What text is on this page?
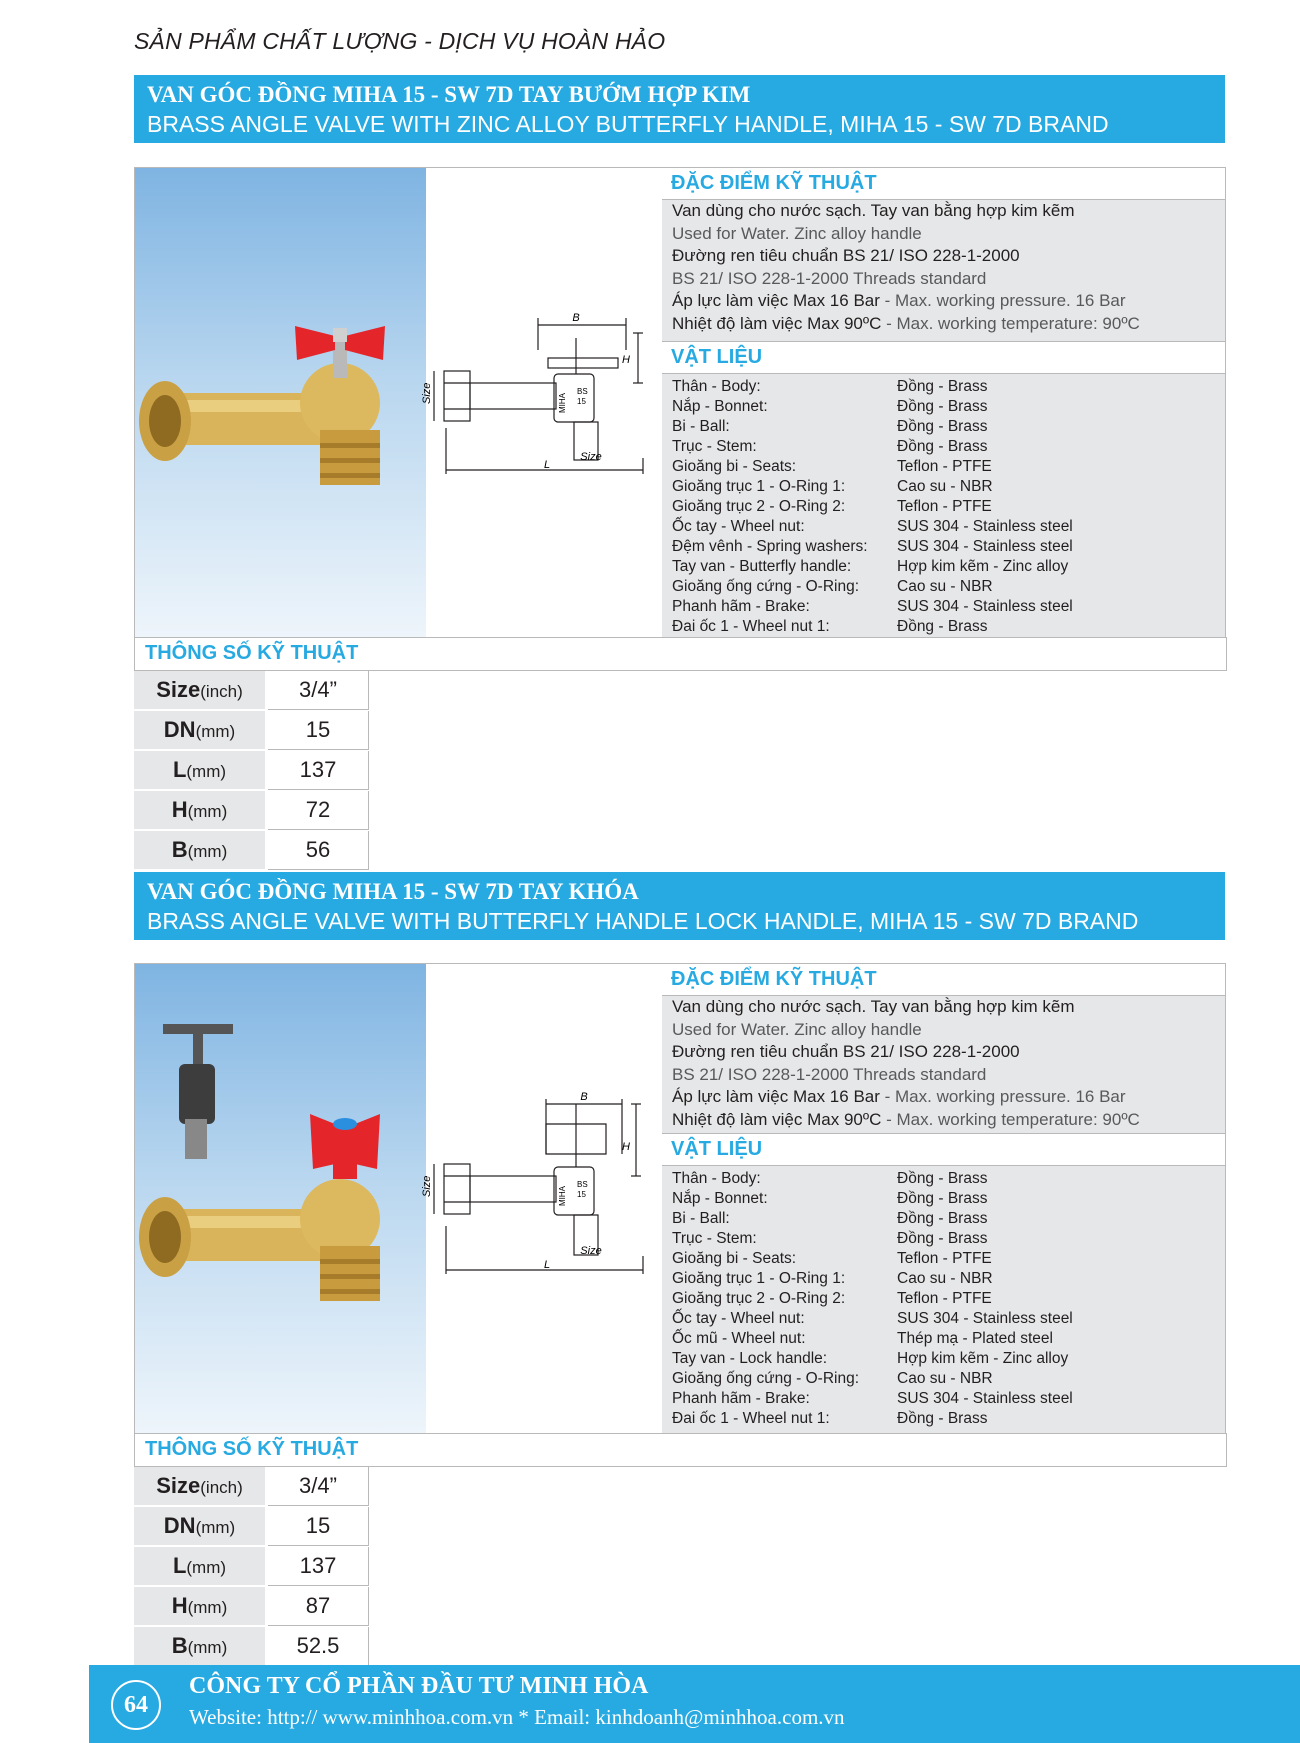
SẢN PHẨM CHẤT LƯỢNG - DỊCH VỤ HOÀN HẢO
VAN GÓC ĐỒNG MIHA 15 - SW 7D TAY BƯỚM HỢP KIM
BRASS ANGLE VALVE WITH ZINC ALLOY BUTTERFLY HANDLE, MIHA 15 - SW 7D BRAND
B
H
L
Size
Size	MIHA
BS
15
ĐẶC ĐIỂM KỸ THUẬT
Van dùng cho nước sạch. Tay van bằng hợp kim kẽm
Used for Water. Zinc alloy handle
Đường ren tiêu chuẩn BS 21/ ISO 228-1-2000
BS 21/ ISO 228-1-2000 Threads standard
Áp lực làm việc Max 16 Bar - Max. working pressure. 16 Bar
Nhiệt độ làm việc Max 90ºC - Max. working temperature: 90ºC
VẬT LIỆU
Thân - Body:	Đồng - Brass
Nắp - Bonnet:	Đồng - Brass
Bi - Ball:	Đồng - Brass
Trục - Stem:	Đồng - Brass
Gioăng bi - Seats:	Teflon - PTFE
Gioăng trục 1 - O-Ring 1:	Cao su - NBR
Gioăng trục 2 - O-Ring 2:	Teflon - PTFE
Ốc tay - Wheel nut:	SUS 304 - Stainless steel
Đệm vênh - Spring washers: SUS 304 - Stainless steel
Tay van - Butterfly handle:	Hợp kim kẽm - Zinc alloy
Gioăng ống cứng - O-Ring: Cao su - NBR
Phanh hãm - Brake:	SUS 304 - Stainless steel
Đai ốc 1 - Wheel nut 1:	Đồng - Brass
THÔNG SỐ KỸ THUẬT
Size(inch)	3/4”
DN(mm)	15
L(mm)	137
H(mm)	72
B(mm)	56
VAN GÓC ĐỒNG MIHA 15 - SW 7D TAY KHÓA
BRASS ANGLE VALVE WITH BUTTERFLY HANDLE LOCK HANDLE, MIHA 15 - SW 7D BRAND
B
H
L
Size
Size	MIHA
BS
15
ĐẶC ĐIỂM KỸ THUẬT
Van dùng cho nước sạch. Tay van bằng hợp kim kẽm
Used for Water. Zinc alloy handle
Đường ren tiêu chuẩn BS 21/ ISO 228-1-2000
BS 21/ ISO 228-1-2000 Threads standard
Áp lực làm việc Max 16 Bar - Max. working pressure. 16 Bar
Nhiệt độ làm việc Max 90ºC - Max. working temperature: 90ºC
VẬT LIỆU
Thân - Body:	Đồng - Brass
Nắp - Bonnet:	Đồng - Brass
Bi - Ball:	Đồng - Brass
Trục - Stem:	Đồng - Brass
Gioăng bi - Seats:	Teflon - PTFE
Gioăng trục 1 - O-Ring 1:	Cao su - NBR
Gioăng trục 2 - O-Ring 2:	Teflon - PTFE
Ốc tay - Wheel nut:	SUS 304 - Stainless steel
Ốc mũ - Wheel nut:	Thép mạ - Plated steel
Tay van - Lock handle:	Hợp kim kẽm - Zinc alloy
Gioăng ống cứng - O-Ring: Cao su - NBR
Phanh hãm - Brake:	SUS 304 - Stainless steel
Đai ốc 1 - Wheel nut 1:	Đồng - Brass
THÔNG SỐ KỸ THUẬT
Size(inch)	3/4”
DN(mm)	15
L(mm)	137
H(mm)	87
B(mm)	52.5
64
CÔNG TY CỔ PHẦN ĐẦU TƯ MINH HÒA
Website: http:// www.minhhoa.com.vn * Email: kinhdoanh@minhhoa.com.vn
